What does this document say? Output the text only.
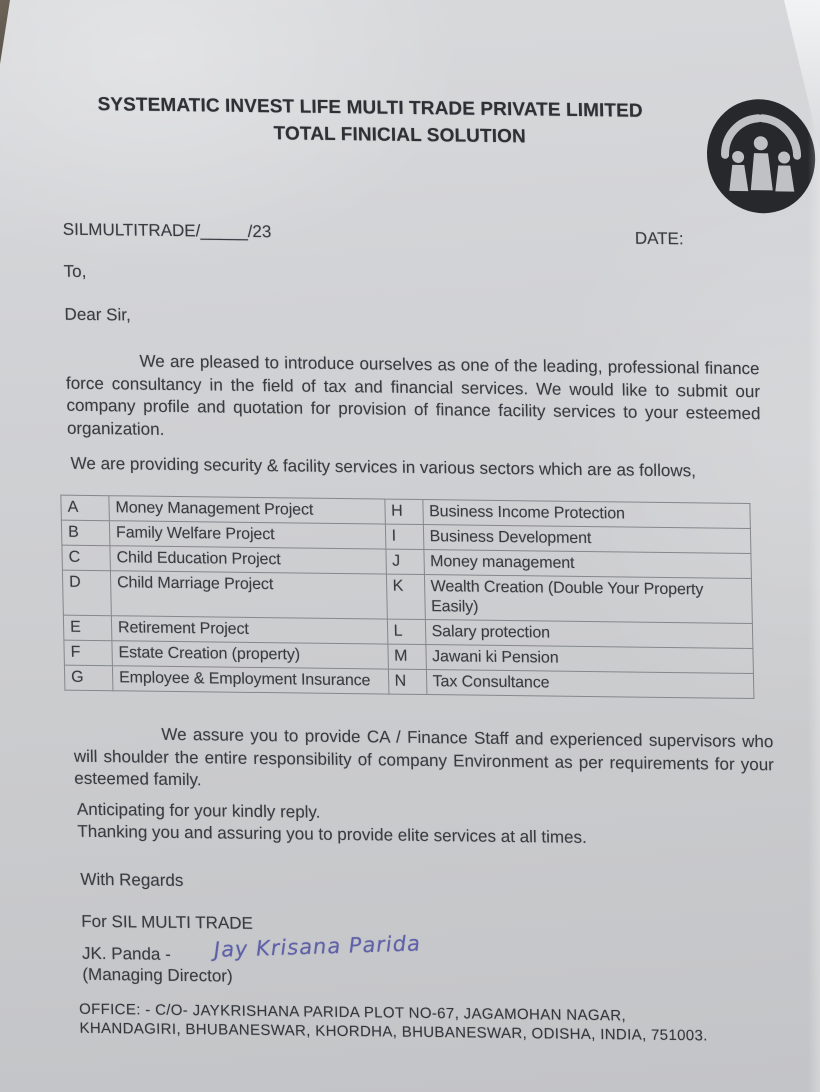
SYSTEMATIC INVEST LIFE MULTI TRADE PRIVATE LIMITED
TOTAL FINICIAL SOLUTION
SILMULTITRADE/_____/23	DATE:
To,
Dear Sir,
We are pleased to introduce ourselves as one of the leading, professional finance force consultancy in the field of tax and financial services. We would like to submit our company profile and quotation for provision of finance facility services to your esteemed organization.
We are providing security & facility services in various sectors which are as follows,
A	Money Management Project	H	Business Income Protection
B	Family Welfare Project	I	Business Development
C	Child Education Project	J	Money management
D	Child Marriage Project	K	Wealth Creation (Double Your Property Easily)
E	Retirement Project	L	Salary protection
F	Estate Creation (property)	M	Jawani ki Pension
G	Employee & Employment Insurance	N	Tax Consultance
We assure you to provide CA / Finance Staff and experienced supervisors who will shoulder the entire responsibility of company Environment as per requirements for your esteemed family.
Anticipating for your kindly reply.
Thanking you and assuring you to provide elite services at all times.
With Regards
For SIL MULTI TRADE
JK. Panda - Jay Krisana Parida
(Managing Director)
OFFICE: - C/O- JAYKRISHANA PARIDA PLOT NO-67, JAGAMOHAN NAGAR,
KHANDAGIRI, BHUBANESWAR, KHORDHA, BHUBANESWAR, ODISHA, INDIA, 751003.
